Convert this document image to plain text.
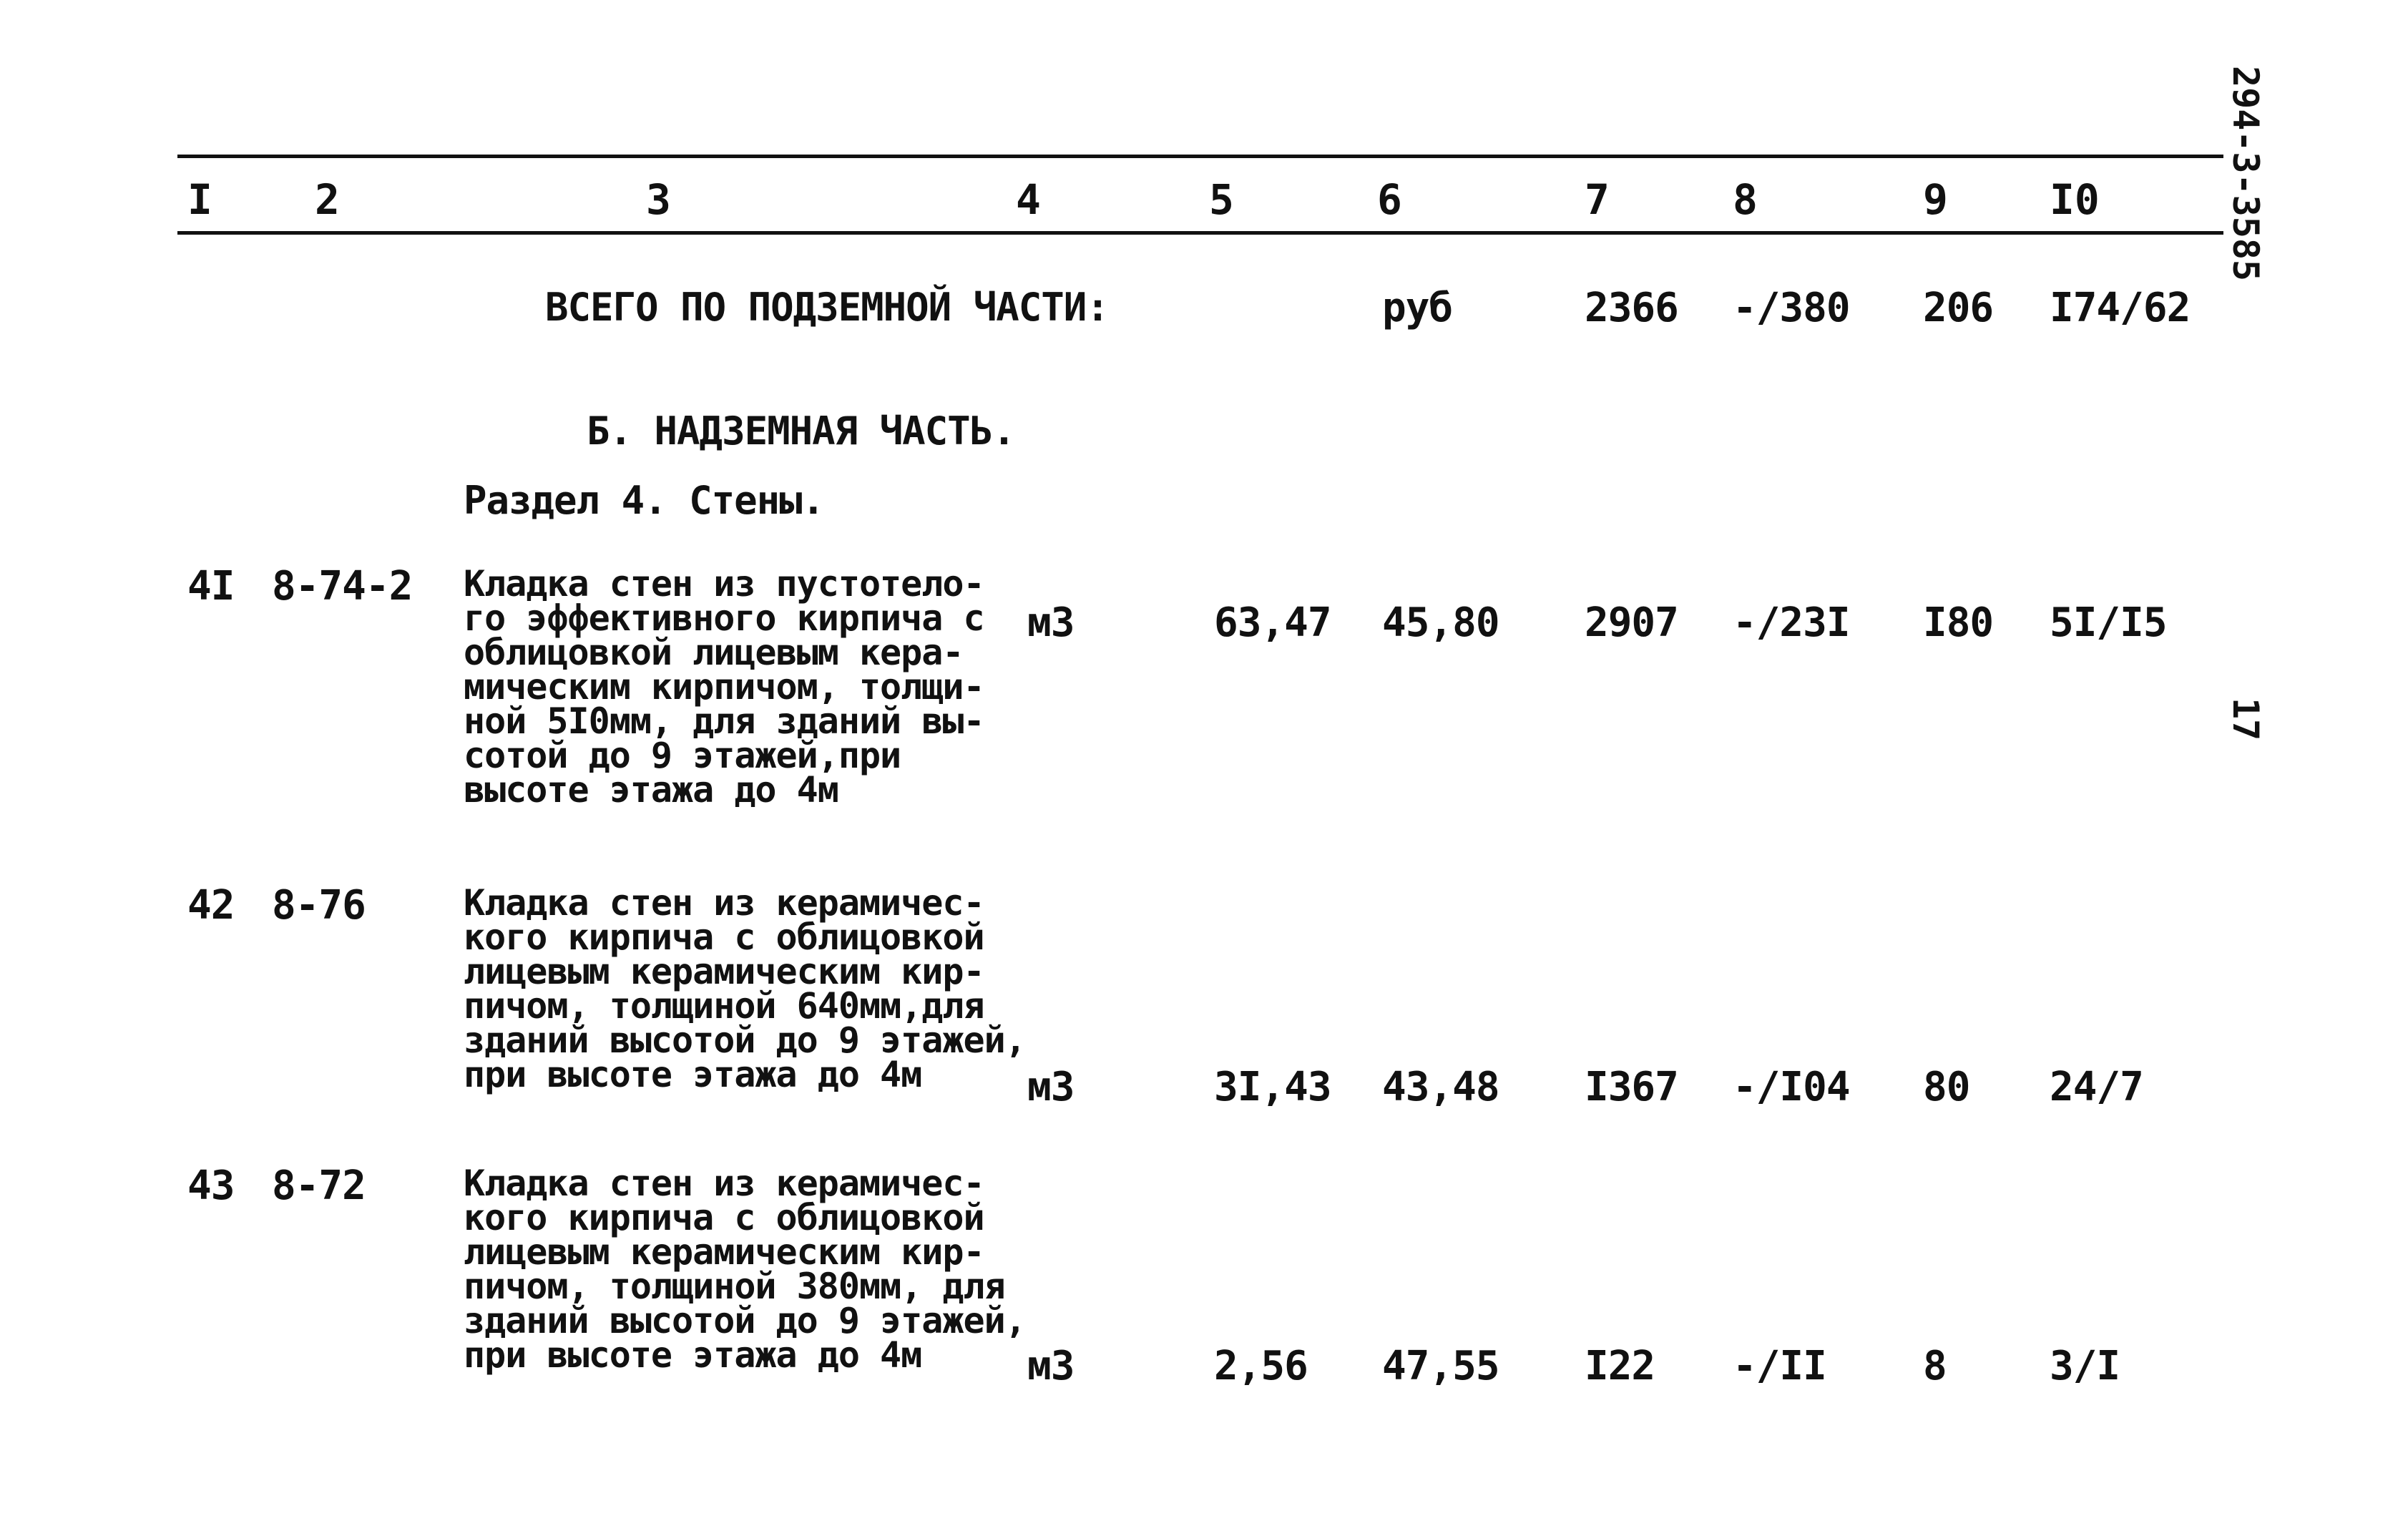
294-3-3585
17
I 2	3	4	5	6	7	8	9 I0
ВСЕГО ПО ПОДЗЕМНОЙ ЧАСТИ:	руб	2366 -/380 206 I74/62
Б. НАДЗЕМНАЯ ЧАСТЬ.
Раздел 4. Стены.
4I 8-74-2 Кладка стен из пустотело-
го эффективного кирпича с
облицовкой лицевым кера-
мическим кирпичом, толщи-
ной 5I0мм, для зданий вы-
сотой до 9 этажей,при
высоте этажа до 4м
м3	63,47 45,80 2907 -/23I I80 5I/I5
42 8-76	Кладка стен из керамичес-
кого кирпича с облицовкой
лицевым керамическим кир-
пичом, толщиной 640мм,для
зданий высотой до 9 этажей,
при высоте этажа до 4м	м3	3I,43 43,48 I367 -/I04 80 24/7
43 8-72	Кладка стен из керамичес-
кого кирпича с облицовкой
лицевым керамическим кир-
пичом, толщиной 380мм, для
зданий высотой до 9 этажей,
при высоте этажа до 4м	м3	2,56 47,55 I22 -/II 8	3/I
